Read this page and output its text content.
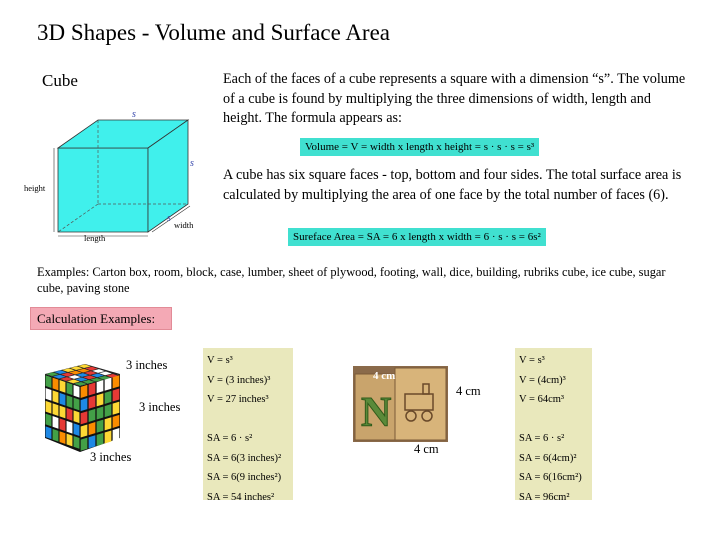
3D Shapes - Volume and Surface Area
Cube
s
s
s
height
length
width
Each of the faces of a cube represents a square with a dimension “s”. The volume of a cube is found by multiplying the three dimensions of width, length and height. The formula appears as:
Volume = V = width x length x height = s · s · s = s³
A cube has six square faces - top, bottom and four sides. The total surface area is calculated by multiplying the area of one face by the total number of faces (6).
Sureface Area = SA = 6 x length x width = 6 · s · s = 6s²
Examples: Carton box, room, block, case, lumber, sheet of plywood, footing, wall, dice, building, rubriks cube, ice cube, sugar cube, paving stone
Calculation Examples:
3 inches
3 inches
3 inches
V = s³
V = (3 inches)³
V = 27 inches³
SA = 6 · s²
SA = 6(3 inches)²
SA = 6(9 inches²)
SA = 54 inches²
N
4 cm
4 cm
4 cm
V = s³
V = (4cm)³
V = 64cm³
SA = 6 · s²
SA = 6(4cm)²
SA = 6(16cm²)
SA = 96cm²
